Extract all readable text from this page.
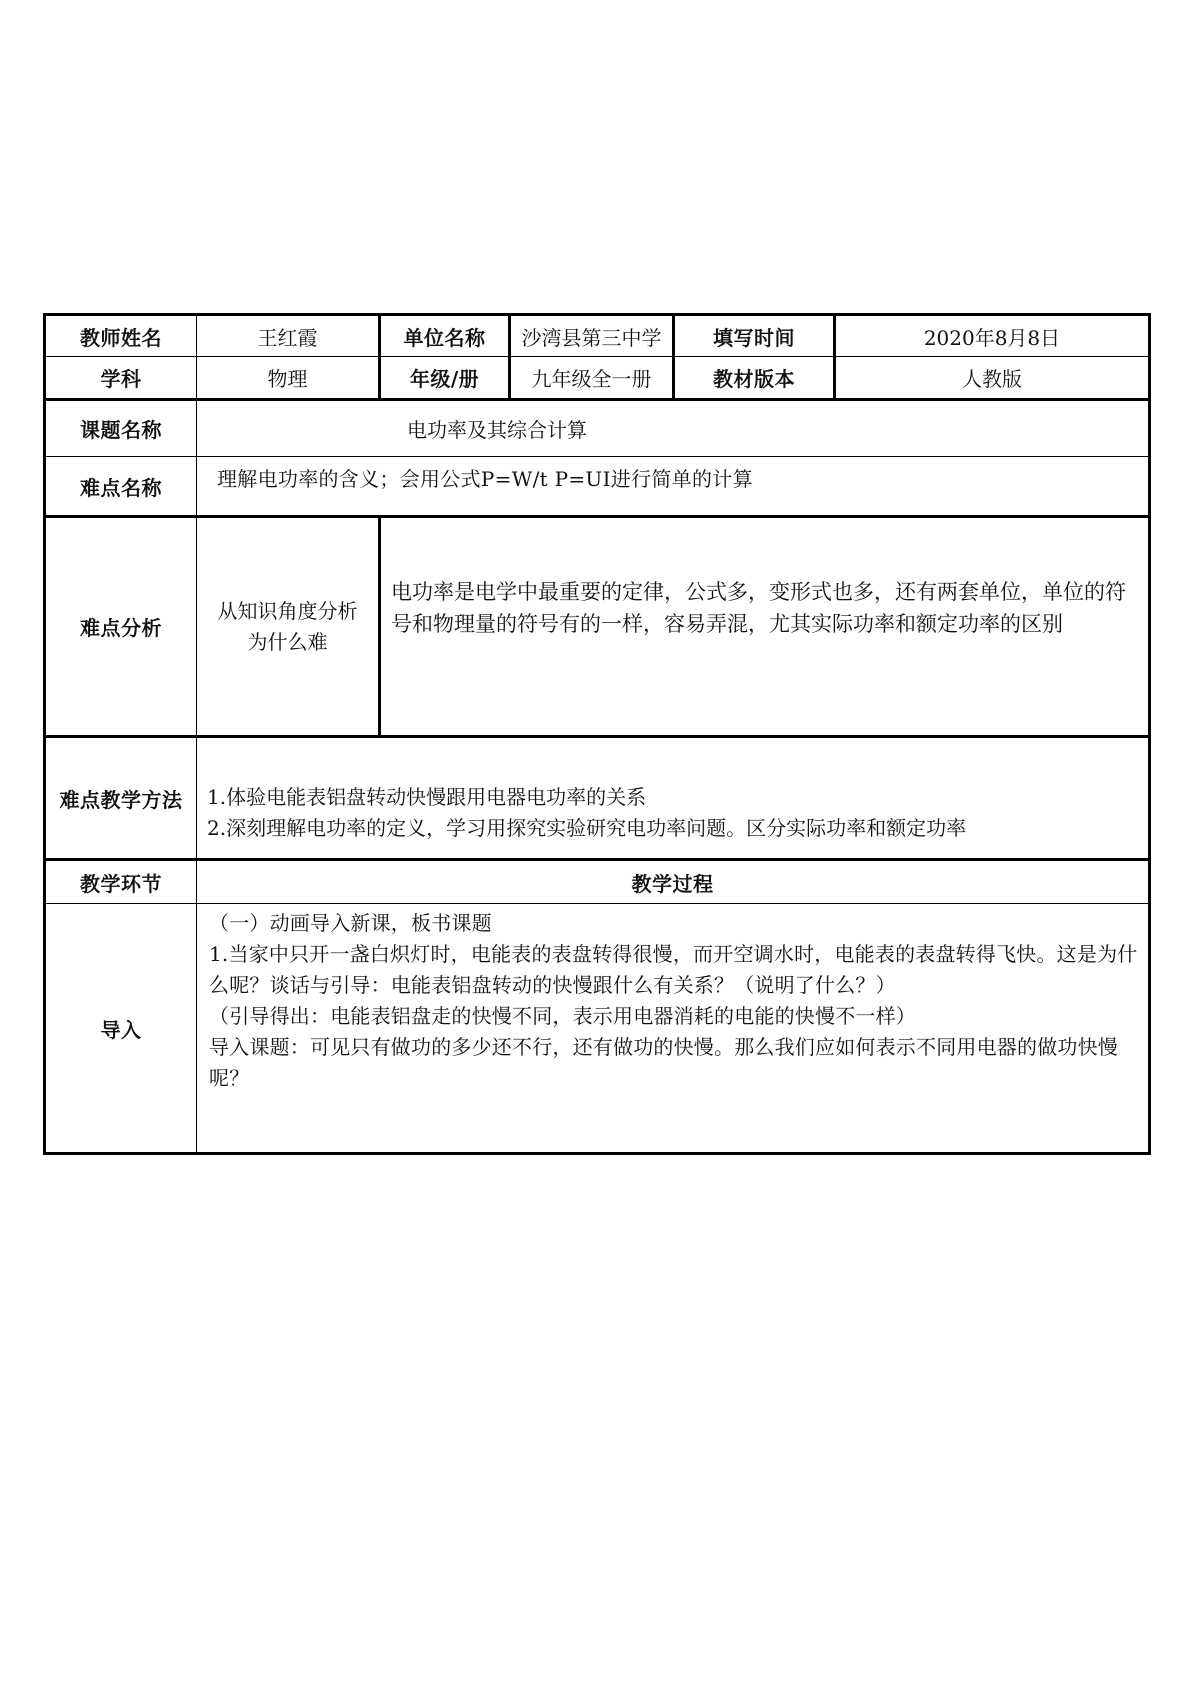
教师姓名	王红霞	单位名称	沙湾县第三中学	填写时间	2020年8月8日
学科	物理	年级/册	九年级全一册	教材版本	人教版
课题名称	电功率及其综合计算				
难点名称	理解电功率的含义；会用公式P=W/t P=UI进行简单的计算				
难点分析	从知识角度分析为什么难	电功率是电学中最重要的定律，公式多，变形式也多，还有两套单位，单位的符号和物理量的符号有的一样，容易弄混，尤其实际功率和额定功率的区别			
难点教学方法	1.体验电能表铝盘转动快慢跟用电器电功率的关系

2.深刻理解电功率的定义，学习用探究实验研究电功率问题。区分实际功率和额定功率				

教学环节	教学过程				
导入	（一）动画导入新课，板书课题

1.当家中只开一盏白炽灯时，电能表的表盘转得很慢，而开空调水时，电能表的表盘转得飞快。这是为什么呢？谈话与引导：电能表铝盘转动的快慢跟什么有关系？（说明了什么？）

（引导得出：电能表铝盘走的快慢不同，表示用电器消耗的电能的快慢不一样）

导入课题：可见只有做功的多少还不行，还有做功的快慢。那么我们应如何表示不同用电器的做功快慢呢？				
